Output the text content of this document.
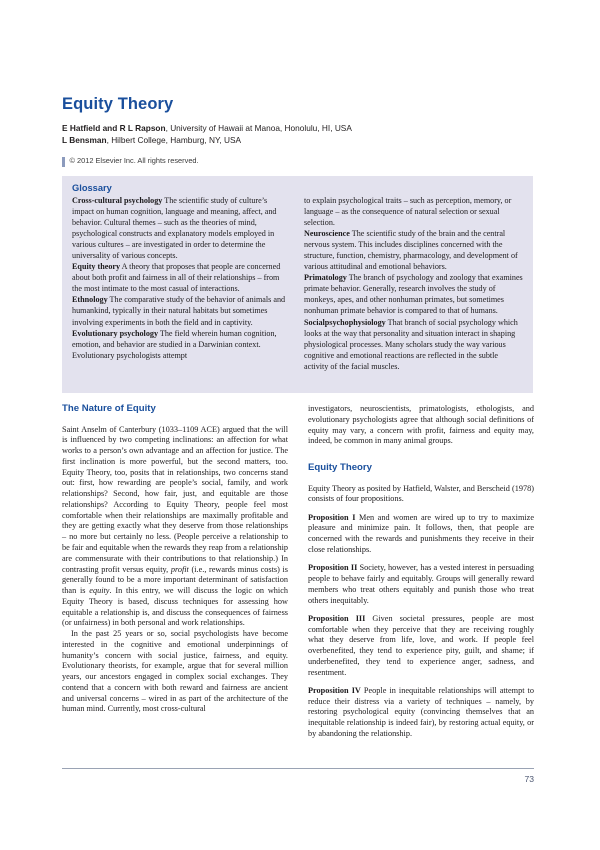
Equity Theory

E Hatfield and R L Rapson, University of Hawaii at Manoa, Honolulu, HI, USA

L Bensman, Hilbert College, Hamburg, NY, USA

© 2012 Elsevier Inc. All rights reserved.
Glossary

Cross-cultural psychology The scientific study of culture’s impact on human cognition, language and meaning, affect, and behavior. Cultural themes – such as the theories of mind, psychological constructs and explanatory models employed in various cultures – are investigated in order to determine the universality of various concepts.

Equity theory A theory that proposes that people are concerned about both profit and fairness in all of their relationships – from the most intimate to the most casual of interactions.

Ethnology The comparative study of the behavior of animals and humankind, typically in their natural habitats but sometimes involving experiments in both the field and in captivity.

Evolutionary psychology The field wherein human cognition, emotion, and behavior are studied in a Darwinian context. Evolutionary psychologists attempt

to explain psychological traits – such as perception, memory, or language – as the consequence of natural selection or sexual selection.

Neuroscience The scientific study of the brain and the central nervous system. This includes disciplines concerned with the structure, function, chemistry, pharmacology, and development of various attitudinal and emotional behaviors.

Primatology The branch of psychology and zoology that examines primate behavior. Generally, research involves the study of monkeys, apes, and other nonhuman primates, but sometimes nonhuman primate behavior is compared to that of humans.

Socialpsychophysiology That branch of social psychology which looks at the way that personality and situation interact in shaping physiological processes. Many scholars study the way various cognitive and emotional reactions are reflected in the subtle activity of the facial muscles.

The Nature of Equity

Saint Anselm of Canterbury (1033–1109 ACE) argued that the will is influenced by two competing inclinations: an affection for what works to a person’s own advantage and an affection for justice. The first inclination is more powerful, but the second matters, too. Equity Theory, too, posits that in relationships, two concerns stand out: first, how rewarding are people’s social, family, and work relationships? Second, how fair, just, and equitable are those relationships? According to Equity Theory, people feel most comfortable when their relationships are maximally profitable and they are getting exactly what they deserve from those relationships – no more but certainly no less. (People perceive a relationship to be fair and equitable when the rewards they reap from a relationship are commensurate with their contributions to that relationship.) In contrasting profit versus equity, profit (i.e., rewards minus costs) is generally found to be a more important determinant of satisfaction than is equity. In this entry, we will discuss the logic on which Equity Theory is based, discuss techniques for assessing how equitable a relationship is, and discuss the consequences of fairness (or unfairness) in both personal and work relationships.

In the past 25 years or so, social psychologists have become interested in the cognitive and emotional underpinnings of humanity’s concern with social justice, fairness, and equity. Evolutionary theorists, for example, argue that for several million years, our ancestors engaged in complex social exchanges. They contend that a concern with both reward and fairness are ancient and universal concerns – wired in as part of the architecture of the human mind. Currently, most cross-cultural

investigators, neuroscientists, primatologists, ethologists, and evolutionary psychologists agree that although social definitions of equity may vary, a concern with profit, fairness and equity may, indeed, be common in many animal groups.

Equity Theory

Equity Theory as posited by Hatfield, Walster, and Berscheid (1978) consists of four propositions.

Proposition I Men and women are wired up to try to maximize pleasure and minimize pain. It follows, then, that people are concerned with the rewards and punishments they receive in their close relationships.

Proposition II Society, however, has a vested interest in persuading people to behave fairly and equitably. Groups will generally reward members who treat others equitably and punish those who treat others inequitably.

Proposition III Given societal pressures, people are most comfortable when they perceive that they are receiving roughly what they deserve from life, love, and work. If people feel overbenefited, they tend to experience pity, guilt, and shame; if underbenefited, they tend to experience anger, sadness, and resentment.

Proposition IV People in inequitable relationships will attempt to reduce their distress via a variety of techniques – namely, by restoring psychological equity (convincing themselves that an inequitable relationship is indeed fair), by restoring actual equity, or by abandoning the relationship.

73
